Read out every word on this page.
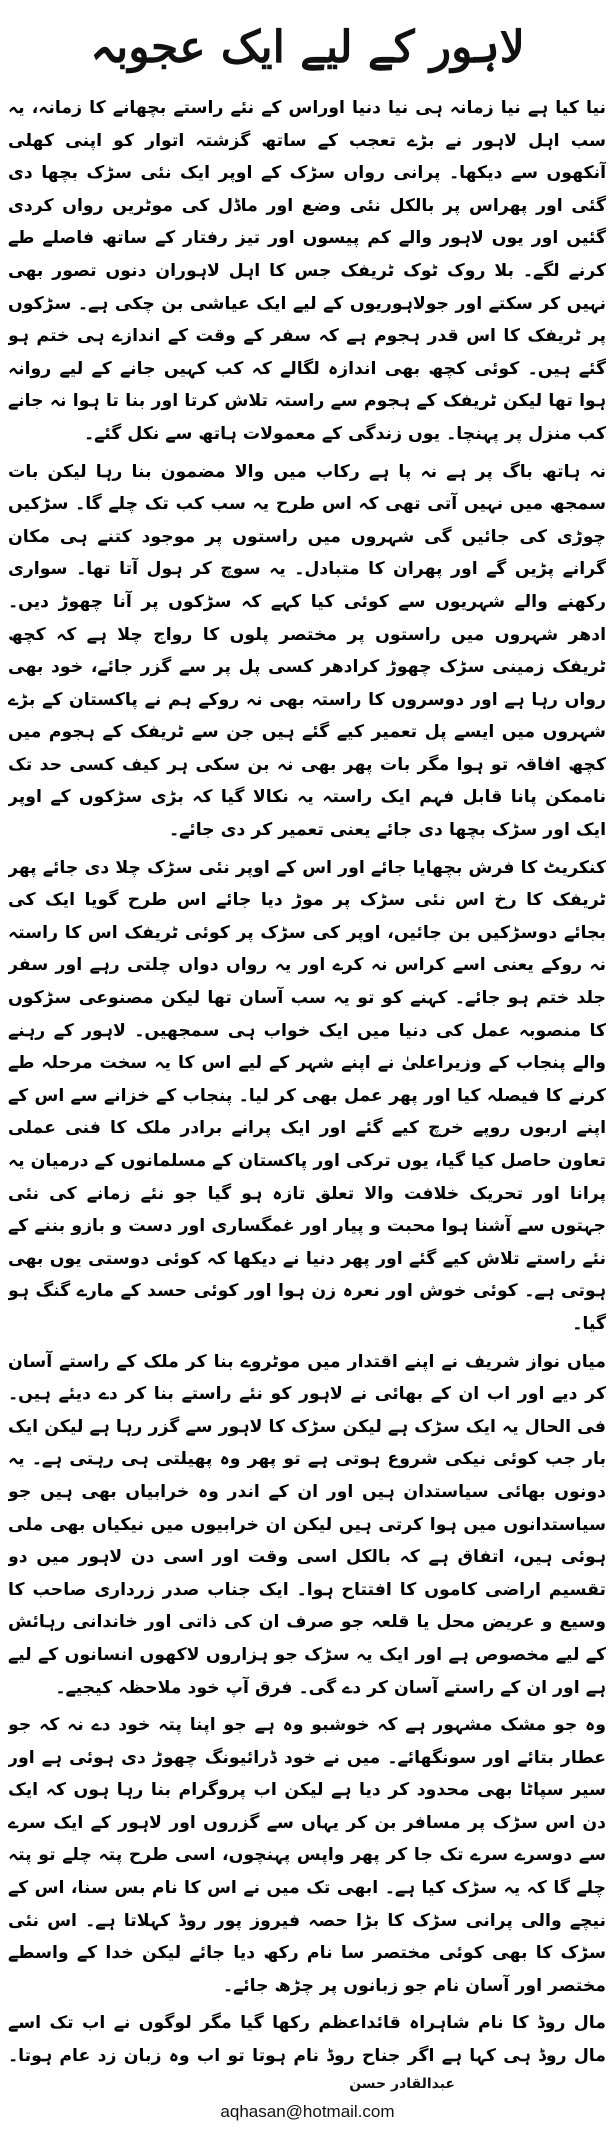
لاہور کے لیے ایک عجوبہ

نیا کیا ہے نیا زمانہ ہی نیا دنیا اوراس کے نئے راستے بچھانے کا زمانہ، یہ سب اہل لاہور نے بڑے تعجب کے ساتھ گزشتہ اتوار کو اپنی کھلی آنکھوں سے دیکھا۔ پرانی رواں سڑک کے اوپر ایک نئی سڑک بچھا دی گئی اور پھراس پر بالکل نئی وضع اور ماڈل کی موٹریں رواں کردی گئیں اور یوں لاہور والے کم پیسوں اور تیز رفتار کے ساتھ فاصلے طے کرنے لگے۔ بلا روک ٹوک ٹریفک جس کا اہل لاہوران دنوں تصور بھی نہیں کر سکتے اور جولاہوریوں کے لیے ایک عیاشی بن چکی ہے۔ سڑکوں پر ٹریفک کا اس قدر ہجوم ہے کہ سفر کے وقت کے اندازے ہی ختم ہو گئے ہیں۔ کوئی کچھ بھی اندازہ لگالے کہ کب کہیں جانے کے لیے روانہ ہوا تھا لیکن ٹریفک کے ہجوم سے راستہ تلاش کرتا اور بنا تا ہوا نہ جانے کب منزل پر پہنچا۔ یوں زندگی کے معمولات ہاتھ سے نکل گئے۔

نہ ہاتھ باگ پر ہے نہ پا ہے رکاب میں والا مضمون بنا رہا لیکن بات سمجھ میں نہیں آتی تھی کہ اس طرح یہ سب کب تک چلے گا۔ سڑکیں چوڑی کی جائیں گی شہروں میں راستوں پر موجود کتنے ہی مکان گرانے پڑیں گے اور پھران کا متبادل۔ یہ سوچ کر ہول آتا تھا۔ سواری رکھنے والے شہریوں سے کوئی کیا کہے کہ سڑکوں پر آنا چھوڑ دیں۔ ادھر شہروں میں راستوں پر مختصر پلوں کا رواج چلا ہے کہ کچھ ٹریفک زمینی سڑک چھوڑ کرادھر کسی پل پر سے گزر جائے، خود بھی رواں رہا ہے اور دوسروں کا راستہ بھی نہ روکے ہم نے پاکستان کے بڑے شہروں میں ایسے پل تعمیر کیے گئے ہیں جن سے ٹریفک کے ہجوم میں کچھ افاقہ تو ہوا مگر بات پھر بھی نہ بن سکی ہر کیف کسی حد تک ناممکن پانا قابل فہم ایک راستہ یہ نکالا گیا کہ بڑی سڑکوں کے اوپر ایک اور سڑک بچھا دی جائے یعنی تعمیر کر دی جائے۔

کنکریٹ کا فرش بچھایا جائے اور اس کے اوپر نئی سڑک چلا دی جائے پھر ٹریفک کا رخ اس نئی سڑک پر موڑ دیا جائے اس طرح گویا ایک کی بجائے دوسڑکیں بن جائیں، اوپر کی سڑک پر کوئی ٹریفک اس کا راستہ نہ روکے یعنی اسے کراس نہ کرے اور یہ رواں دواں چلتی رہے اور سفر جلد ختم ہو جائے۔ کہنے کو تو یہ سب آسان تھا لیکن مصنوعی سڑکوں کا منصوبہ عمل کی دنیا میں ایک خواب ہی سمجھیں۔ لاہور کے رہنے والے پنجاب کے وزیراعلیٰ نے اپنے شہر کے لیے اس کا یہ سخت مرحلہ طے کرنے کا فیصلہ کیا اور پھر عمل بھی کر لیا۔ پنجاب کے خزانے سے اس کے اپنے اربوں روپے خرچ کیے گئے اور ایک پرانے برادر ملک کا فنی عملی تعاون حاصل کیا گیا، یوں ترکی اور پاکستان کے مسلمانوں کے درمیان یہ پرانا اور تحریک خلافت والا تعلق تازہ ہو گیا جو نئے زمانے کی نئی جہتوں سے آشنا ہوا محبت و پیار اور غمگساری اور دست و بازو بننے کے نئے راستے تلاش کیے گئے اور پھر دنیا نے دیکھا کہ کوئی دوستی یوں بھی ہوتی ہے۔ کوئی خوش اور نعرہ زن ہوا اور کوئی حسد کے مارے گنگ ہو گیا۔

میاں نواز شریف نے اپنے اقتدار میں موٹروے بنا کر ملک کے راستے آسان کر دیے اور اب ان کے بھائی نے لاہور کو نئے راستے بنا کر دے دیئے ہیں۔ فی الحال یہ ایک سڑک ہے لیکن سڑک کا لاہور سے گزر رہا ہے لیکن ایک بار جب کوئی نیکی شروع ہوتی ہے تو پھر وہ پھیلتی ہی رہتی ہے۔ یہ دونوں بھائی سیاستدان ہیں اور ان کے اندر وہ خرابیاں بھی ہیں جو سیاستدانوں میں ہوا کرتی ہیں لیکن ان خرابیوں میں نیکیاں بھی ملی ہوئی ہیں، اتفاق ہے کہ بالکل اسی وقت اور اسی دن لاہور میں دو تقسیم اراضی کاموں کا افتتاح ہوا۔ ایک جناب صدر زرداری صاحب کا وسیع و عریض محل یا قلعہ جو صرف ان کی ذاتی اور خاندانی رہائش کے لیے مخصوص ہے اور ایک یہ سڑک جو ہزاروں لاکھوں انسانوں کے لیے ہے اور ان کے راستے آسان کر دے گی۔ فرق آپ خود ملاحظہ کیجیے۔

وہ جو مشک مشہور ہے کہ خوشبو وہ ہے جو اپنا پتہ خود دے نہ کہ جو عطار بتائے اور سونگھائے۔ میں نے خود ڈرائیونگ چھوڑ دی ہوئی ہے اور سیر سپاٹا بھی محدود کر دیا ہے لیکن اب پروگرام بنا رہا ہوں کہ ایک دن اس سڑک پر مسافر بن کر یہاں سے گزروں اور لاہور کے ایک سرے سے دوسرے سرے تک جا کر پھر واپس پہنچوں، اسی طرح پتہ چلے تو پتہ چلے گا کہ یہ سڑک کیا ہے۔ ابھی تک میں نے اس کا نام بس سنا، اس کے نیچے والی پرانی سڑک کا بڑا حصہ فیروز پور روڈ کہلاتا ہے۔ اس نئی سڑک کا بھی کوئی مختصر سا نام رکھ دیا جائے لیکن خدا کے واسطے مختصر اور آسان نام جو زبانوں پر چڑھ جائے۔

مال روڈ کا نام شاہراہ قائداعظم رکھا گیا مگر لوگوں نے اب تک اسے مال روڈ ہی کہا ہے اگر جناح روڈ نام ہوتا تو اب وہ زبان زد عام ہوتا۔

عبدالقادر حسن
aqhasan@hotmail.com
